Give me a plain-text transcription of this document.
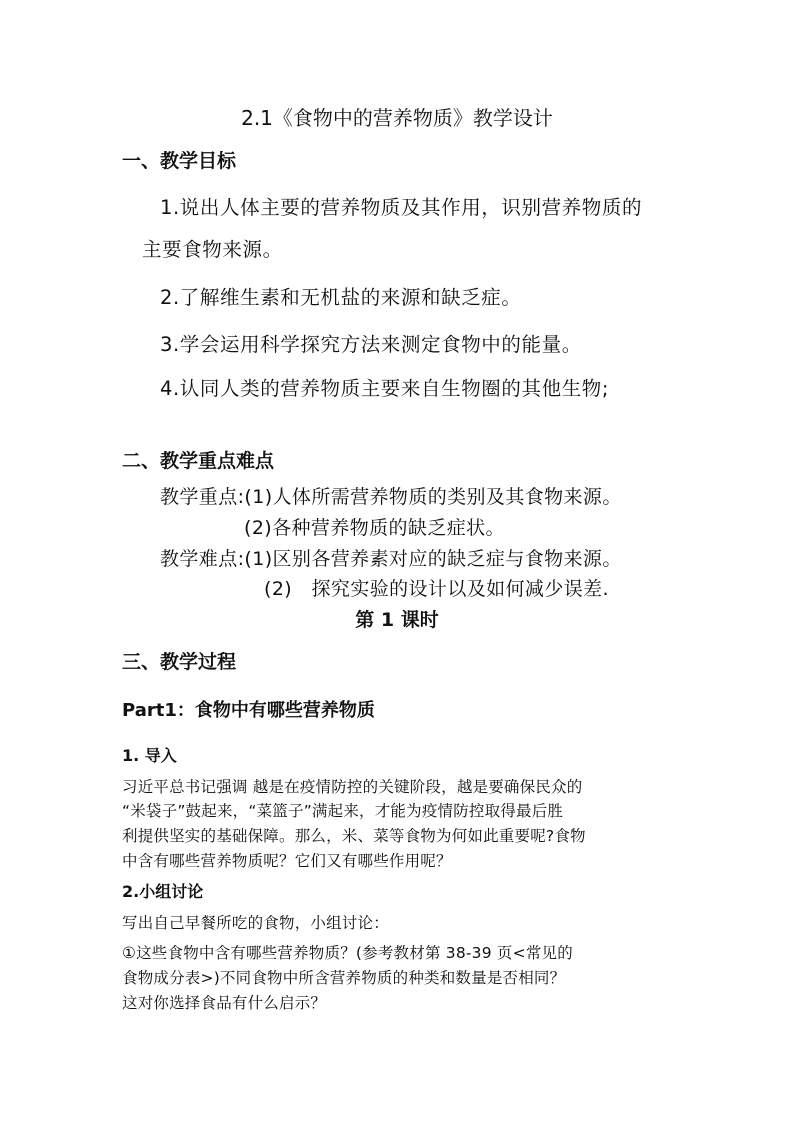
2.1《食物中的营养物质》教学设计

一、教学目标

1.说出人体主要的营养物质及其作用，识别营养物质的

主要食物来源。

2.了解维生素和无机盐的来源和缺乏症。

3.学会运用科学探究方法来测定食物中的能量。

4.认同人类的营养物质主要来自生物圈的其他生物;

二、教学重点难点

教学重点:(1)人体所需营养物质的类别及其食物来源。

(2)各种营养物质的缺乏症状。

教学难点:(1)区别各营养素对应的缺乏症与食物来源。

(2)　探究实验的设计以及如何减少误差.

第 1 课时

三、教学过程

Part1：食物中有哪些营养物质

1. 导入

习近平总书记强调 越是在疫情防控的关键阶段，越是要确保民众的

“米袋子”鼓起来，“菜篮子”满起来，才能为疫情防控取得最后胜

利提供坚实的基础保障。那么，米、菜等食物为何如此重要呢?食物

中含有哪些营养物质呢？它们又有哪些作用呢？

2.小组讨论

写出自己早餐所吃的食物，小组讨论：

①这些食物中含有哪些营养物质？(参考教材第 38-39 页<常见的

食物成分表>)不同食物中所含营养物质的种类和数量是否相同？

这对你选择食品有什么启示？
